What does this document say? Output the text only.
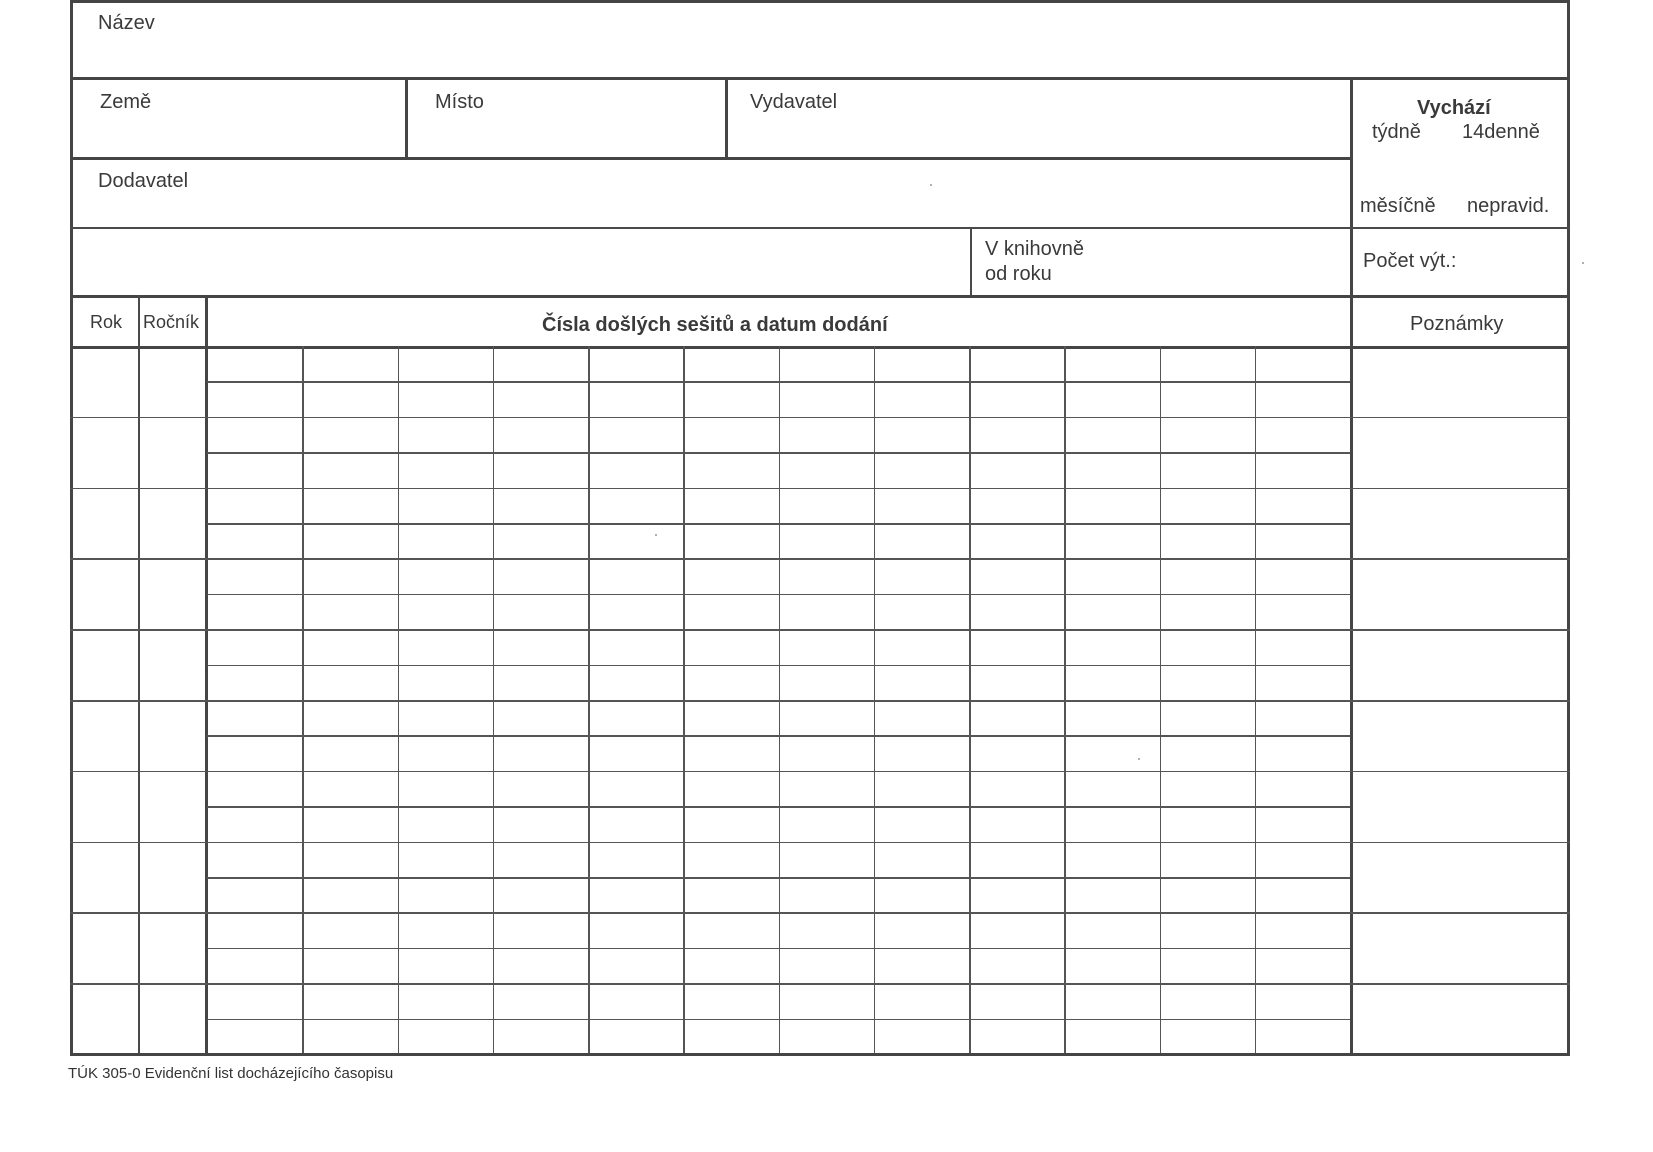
Název
Země	Místo	Vydavatel	Vychází
týdně 14denně
měsíčně nepravid.
Dodavatel
V knihovně
od roku
Počet výt.:
Rok Ročník	Čísla došlých sešitů a datum dodání	Poznámky
TÚK 305-0 Evidenční list docházejícího časopisu
